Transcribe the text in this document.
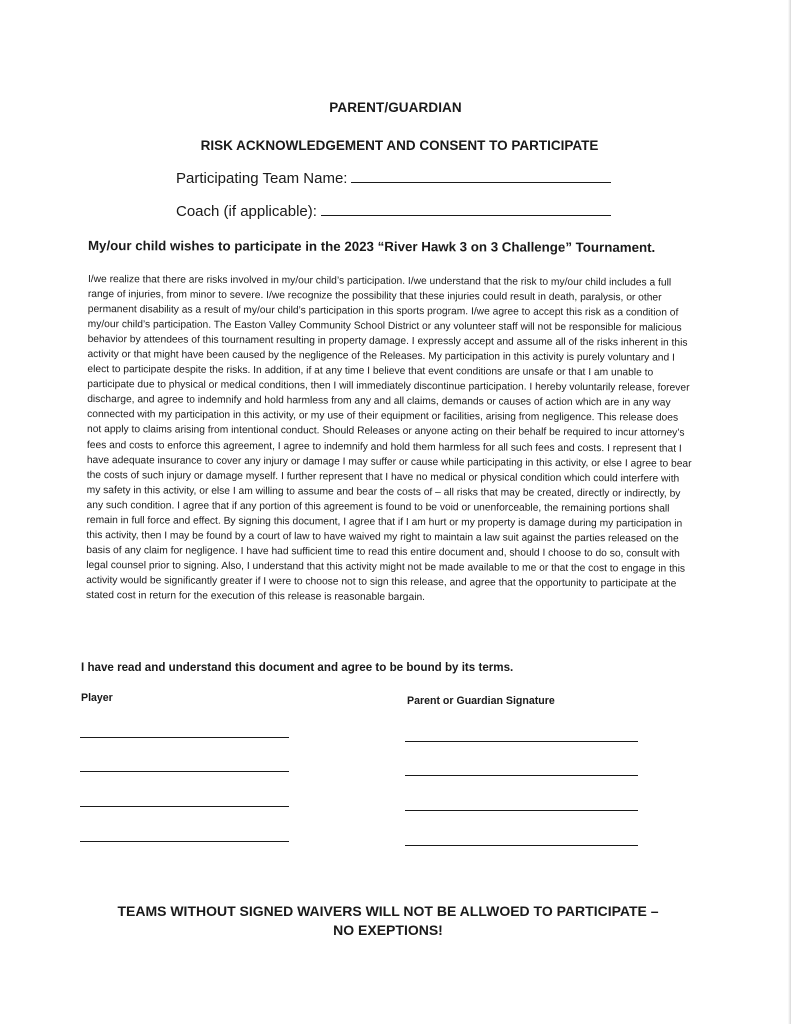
PARENT/GUARDIAN
RISK ACKNOWLEDGEMENT AND CONSENT TO PARTICIPATE
Participating Team Name:
Coach (if applicable):

My/our child wishes to participate in the 2023 “River Hawk 3 on 3 Challenge” Tournament.

I/we realize that there are risks involved in my/our child’s participation. I/we understand that the risk to my/our child includes a full range of injuries, from minor to severe. I/we recognize the possibility that these injuries could result in death, paralysis, or other permanent disability as a result of my/our child’s participation in this sports program. I/we agree to accept this risk as a condition of my/our child’s participation. The Easton Valley Community School District or any volunteer staff will not be responsible for malicious behavior by attendees of this tournament resulting in property damage. I expressly accept and assume all of the risks inherent in this activity or that might have been caused by the negligence of the Releases. My participation in this activity is purely voluntary and I elect to participate despite the risks. In addition, if at any time I believe that event conditions are unsafe or that I am unable to participate due to physical or medical conditions, then I will immediately discontinue participation. I hereby voluntarily release, forever discharge, and agree to indemnify and hold harmless from any and all claims, demands or causes of action which are in any way connected with my participation in this activity, or my use of their equipment or facilities, arising from negligence. This release does not apply to claims arising from intentional conduct. Should Releases or anyone acting on their behalf be required to incur attorney’s fees and costs to enforce this agreement, I agree to indemnify and hold them harmless for all such fees and costs. I represent that I have adequate insurance to cover any injury or damage I may suffer or cause while participating in this activity, or else I agree to bear the costs of such injury or damage myself. I further represent that I have no medical or physical condition which could interfere with my safety in this activity, or else I am willing to assume and bear the costs of – all risks that may be created, directly or indirectly, by any such condition. I agree that if any portion of this agreement is found to be void or unenforceable, the remaining portions shall remain in full force and effect. By signing this document, I agree that if I am hurt or my property is damage during my participation in this activity, then I may be found by a court of law to have waived my right to maintain a law suit against the parties released on the basis of any claim for negligence. I have had sufficient time to read this entire document and, should I choose to do so, consult with legal counsel prior to signing. Also, I understand that this activity might not be made available to me or that the cost to engage in this activity would be significantly greater if I were to choose not to sign this release, and agree that the opportunity to participate at the stated cost in return for the execution of this release is reasonable bargain.

I have read and understand this document and agree to be bound by its terms.

Player	Parent or Guardian Signature

TEAMS WITHOUT SIGNED WAIVERS WILL NOT BE ALLWOED TO PARTICIPATE – NO EXEPTIONS!
